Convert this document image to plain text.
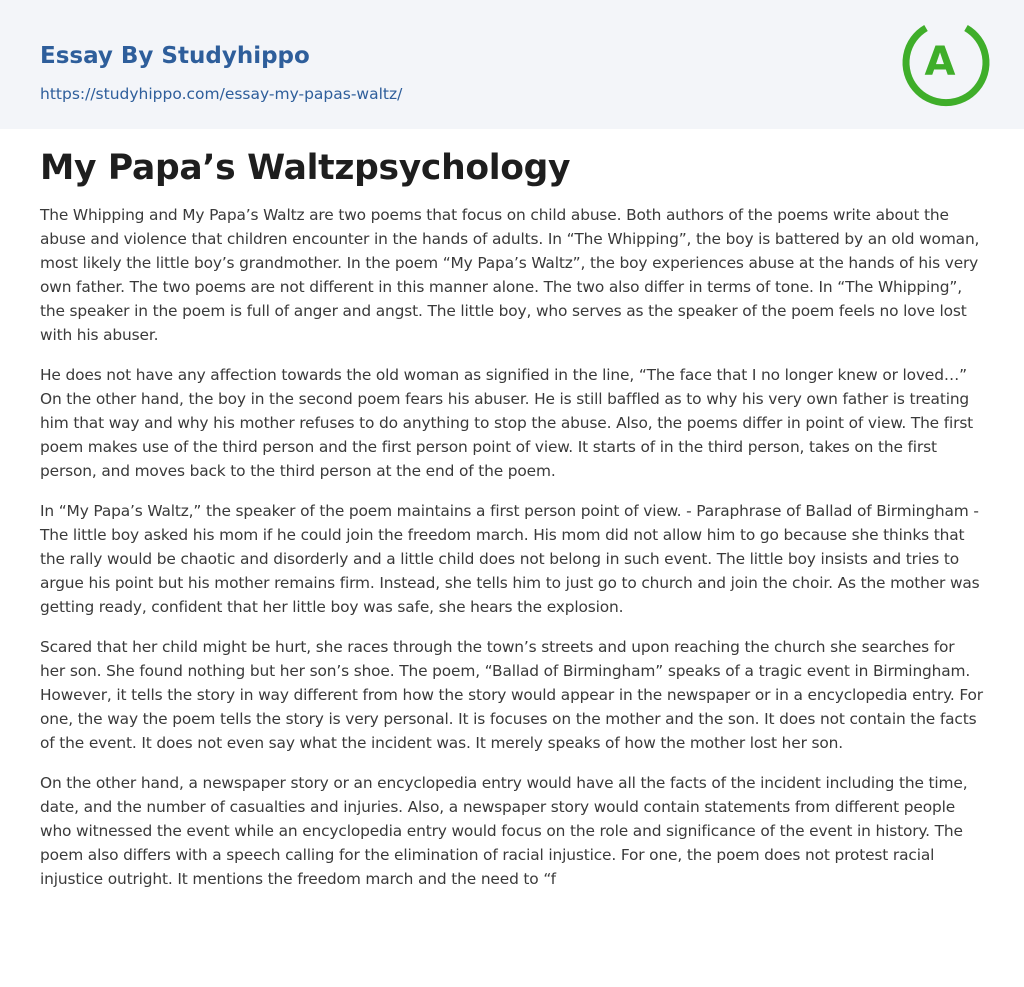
Essay By Studyhippo
https://studyhippo.com/essay-my-papas-waltz/
A
My Papa’s Waltzpsychology

The Whipping and My Papa’s Waltz are two poems that focus on child abuse. Both authors of the poems write about the abuse and violence that children encounter in the hands of adults. In “The Whipping”, the boy is battered by an old woman, most likely the little boy’s grandmother. In the poem “My Papa’s Waltz”, the boy experiences abuse at the hands of his very own father. The two poems are not different in this manner alone. The two also differ in terms of tone. In “The Whipping”, the speaker in the poem is full of anger and angst. The little boy, who serves as the speaker of the poem feels no love lost with his abuser.

He does not have any affection towards the old woman as signified in the line, “The face that I no longer knew or loved…” On the other hand, the boy in the second poem fears his abuser. He is still baffled as to why his very own father is treating him that way and why his mother refuses to do anything to stop the abuse. Also, the poems differ in point of view. The first poem makes use of the third person and the first person point of view. It starts of in the third person, takes on the first person, and moves back to the third person at the end of the poem.

In “My Papa’s Waltz,” the speaker of the poem maintains a first person point of view. - Paraphrase of Ballad of Birmingham - The little boy asked his mom if he could join the freedom march. His mom did not allow him to go because she thinks that the rally would be chaotic and disorderly and a little child does not belong in such event. The little boy insists and tries to argue his point but his mother remains firm. Instead, she tells him to just go to church and join the choir. As the mother was getting ready, confident that her little boy was safe, she hears the explosion.

Scared that her child might be hurt, she races through the town’s streets and upon reaching the church she searches for her son. She found nothing but her son’s shoe. The poem, “Ballad of Birmingham” speaks of a tragic event in Birmingham. However, it tells the story in way different from how the story would appear in the newspaper or in a encyclopedia entry. For one, the way the poem tells the story is very personal. It is focuses on the mother and the son. It does not contain the facts of the event. It does not even say what the incident was. It merely speaks of how the mother lost her son.

On the other hand, a newspaper story or an encyclopedia entry would have all the facts of the incident including the time, date, and the number of casualties and injuries. Also, a newspaper story would contain statements from different people who witnessed the event while an encyclopedia entry would focus on the role and significance of the event in history. The poem also differs with a speech calling for the elimination of racial injustice. For one, the poem does not protest racial injustice outright. It mentions the freedom march and the need to “f
